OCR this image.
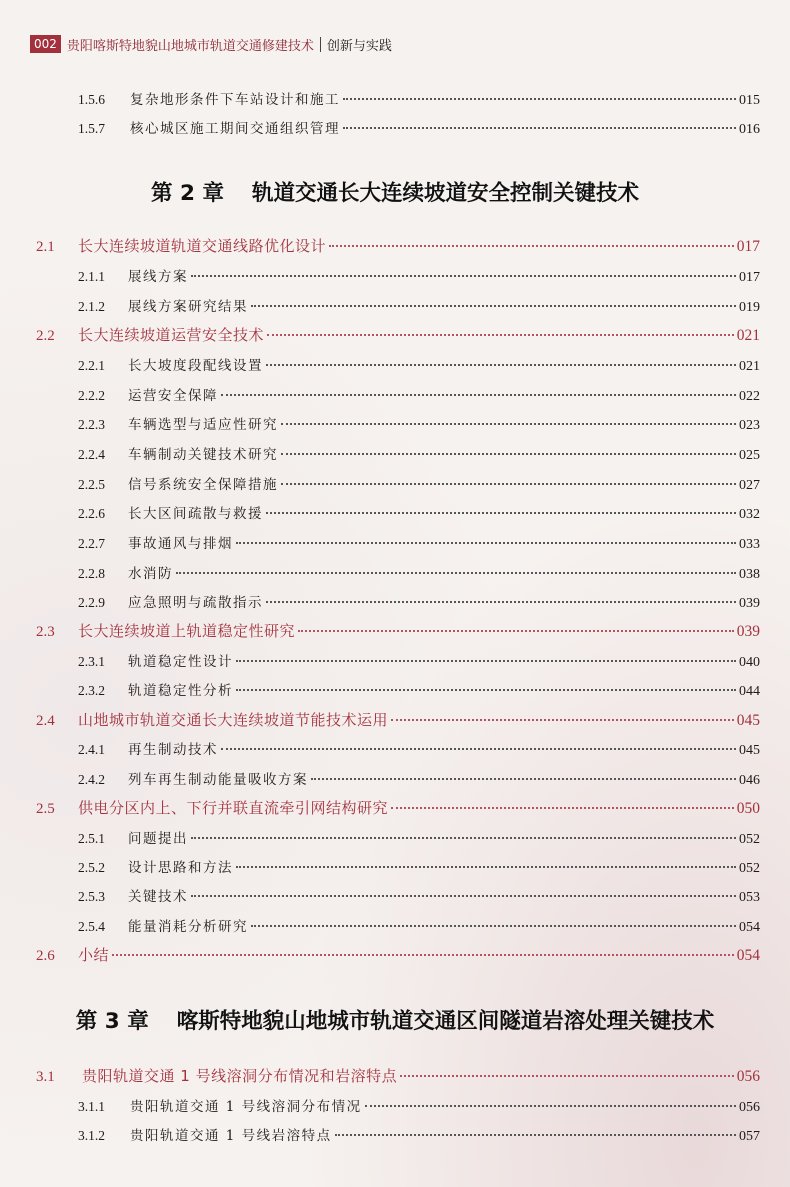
002 贵阳喀斯特地貌山地城市轨道交通修建技术 创新与实践
1.5.6	复杂地形条件下车站设计和施工	015
1.5.7	核心城区施工期间交通组织管理	016
第 2 章 轨道交通长大连续坡道安全控制关键技术
2.1	长大连续坡道轨道交通线路优化设计	017
2.1.1	展线方案	017
2.1.2	展线方案研究结果	019
2.2	长大连续坡道运营安全技术	021
2.2.1	长大坡度段配线设置	021
2.2.2	运营安全保障	022
2.2.3	车辆选型与适应性研究	023
2.2.4	车辆制动关键技术研究	025
2.2.5	信号系统安全保障措施	027
2.2.6	长大区间疏散与救援	032
2.2.7	事故通风与排烟	033
2.2.8	水消防	038
2.2.9	应急照明与疏散指示	039
2.3	长大连续坡道上轨道稳定性研究	039
2.3.1	轨道稳定性设计	040
2.3.2	轨道稳定性分析	044
2.4	山地城市轨道交通长大连续坡道节能技术运用	045
2.4.1	再生制动技术	045
2.4.2	列车再生制动能量吸收方案	046
2.5	供电分区内上、下行并联直流牵引网结构研究	050
2.5.1	问题提出	052
2.5.2	设计思路和方法	052
2.5.3	关键技术	053
2.5.4	能量消耗分析研究	054
2.6	小结	054
第 3 章 喀斯特地貌山地城市轨道交通区间隧道岩溶处理关键技术
3.1	贵阳轨道交通 1 号线溶洞分布情况和岩溶特点	056
3.1.1	贵阳轨道交通 1 号线溶洞分布情况	056
3.1.2	贵阳轨道交通 1 号线岩溶特点	057
